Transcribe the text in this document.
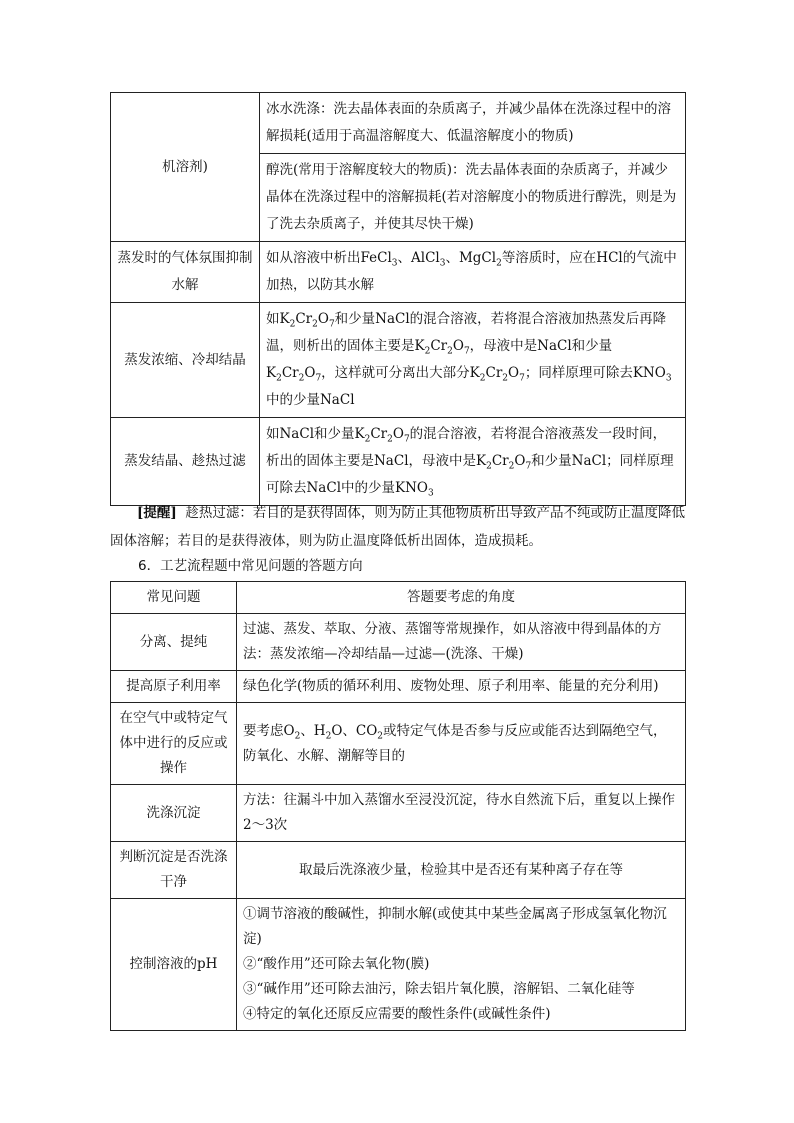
机溶剂)	冰水洗涤：洗去晶体表面的杂质离子，并减少晶体在洗涤过程中的溶解损耗(适用于高温溶解度大、低温溶解度小的物质)
	醇洗(常用于溶解度较大的物质)：洗去晶体表面的杂质离子，并减少晶体在洗涤过程中的溶解损耗(若对溶解度小的物质进行醇洗，则是为了洗去杂质离子，并使其尽快干燥)
蒸发时的气体氛围抑制水解	如从溶液中析出FeCl$_3$、AlCl$_3$、MgCl$_2$等溶质时，应在HCl的气流中加热，以防其水解
蒸发浓缩、冷却结晶	如$K_2Cr_2O_7$和少量NaCl的混合溶液，若将混合溶液加热蒸发后再降温，则析出的固体主要是$K_2Cr_2O_7$，母液中是NaCl和少量$K_2Cr_2O_7$，这样就可分离出大部分$K_2Cr_2O_7$；同样原理可除去$KNO_3$中的少量NaCl
蒸发结晶、趁热过滤	如NaCl和少量$K_2Cr_2O_7$的混合溶液，若将混合溶液蒸发一段时间，析出的固体主要是NaCl，母液中是$K_2Cr_2O_7$和少量NaCl；同样原理可除去NaCl中的少量$KNO_3$

[提醒] 趁热过滤：若目的是获得固体，则为防止其他物质析出导致产品不纯或防止温度降低固体溶解；若目的是获得液体，则为防止温度降低析出固体，造成损耗。

6．工艺流程题中常见问题的答题方向
常见问题	答题要考虑的角度
分离、提纯	过滤、蒸发、萃取、分液、蒸馏等常规操作，如从溶液中得到晶体的方法：蒸发浓缩—冷却结晶—过滤—(洗涤、干燥)
提高原子利用率	绿色化学(物质的循环利用、废物处理、原子利用率、能量的充分利用)
在空气中或特定气体中进行的反应或操作	要考虑$O_2$、$H_2O$、$CO_2$或特定气体是否参与反应或能否达到隔绝空气，防氧化、水解、潮解等目的
洗涤沉淀	方法：往漏斗中加入蒸馏水至浸没沉淀，待水自然流下后，重复以上操作2～3次
判断沉淀是否洗涤干净	取最后洗涤液少量，检验其中是否还有某种离子存在等
控制溶液的pH	①调节溶液的酸碱性，抑制水解(或使其中某些金属离子形成氢氧化物沉淀)
②“酸作用”还可除去氧化物(膜)
③“碱作用”还可除去油污，除去铝片氧化膜，溶解铝、二氧化硅等
④特定的氧化还原反应需要的酸性条件(或碱性条件)
